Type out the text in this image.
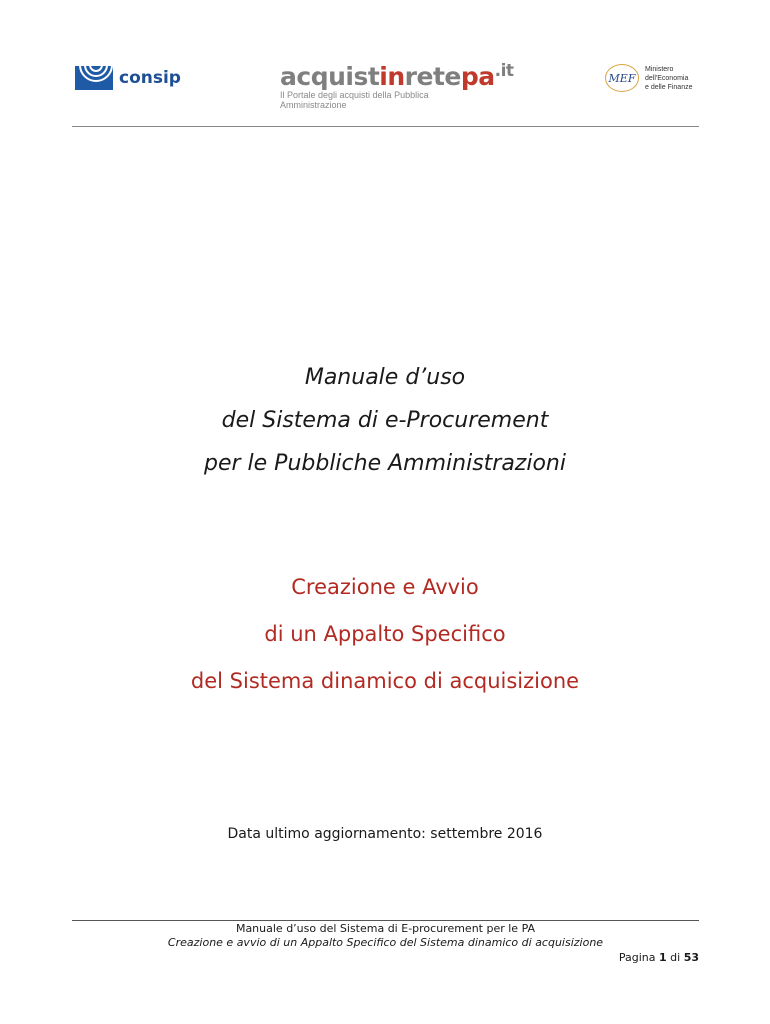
consip	acquistinretepa$^{.it}$
Il Portale degli acquisti della Pubblica Amministrazione
MEF
Ministero
dell'Economia
e delle Finanze
Manuale d’uso
del Sistema di e-Procurement
per le Pubbliche Amministrazioni
Creazione e Avvio
di un Appalto Specifico
del Sistema dinamico di acquisizione
Data ultimo aggiornamento: settembre 2016
Manuale d’uso del Sistema di E-procurement per le PA
Creazione e avvio di un Appalto Specifico del Sistema dinamico di acquisizione
Pagina 1 di 53
